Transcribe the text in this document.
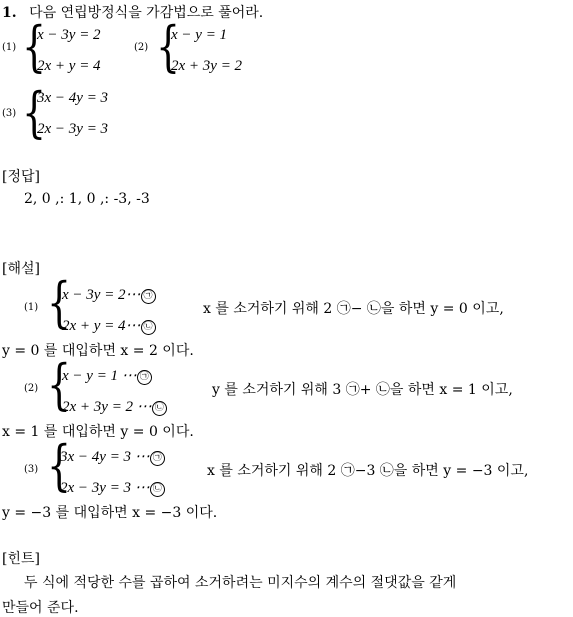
1. 다음 연립방정식을 가감법으로 풀어라.
(1) {
x − 3y = 2
2x + y = 4
(2) {
x − y = 1
2x + 3y = 2
(3) {
3x − 4y = 3
2x − 3y = 3
[정답]
2, 0 ,: 1, 0 ,: -3, -3
[해설]
(1) {
x − 3y = 2⋯ ㉠
2x + y = 4⋯ ㉡
x 를 소거하기 위해 2 ㉠− ㉡을 하면 y = 0 이고,
y = 0 를 대입하면 x = 2 이다.
(2) {
x − y = 1 ⋯ ㉠
2x + 3y = 2 ⋯ ㉡
y 를 소거하기 위해 3 ㉠+ ㉡을 하면 x = 1 이고,
x = 1 를 대입하면 y = 0 이다.
(3) {
3x − 4y = 3 ⋯ ㉠
2x − 3y = 3 ⋯ ㉡
x 를 소거하기 위해 2 ㉠−3 ㉡을 하면 y = −3 이고,
y = −3 를 대입하면 x = −3 이다.
[힌트]
두 식에 적당한 수를 곱하여 소거하려는 미지수의 계수의 절댓값을 같게
만들어 준다.
